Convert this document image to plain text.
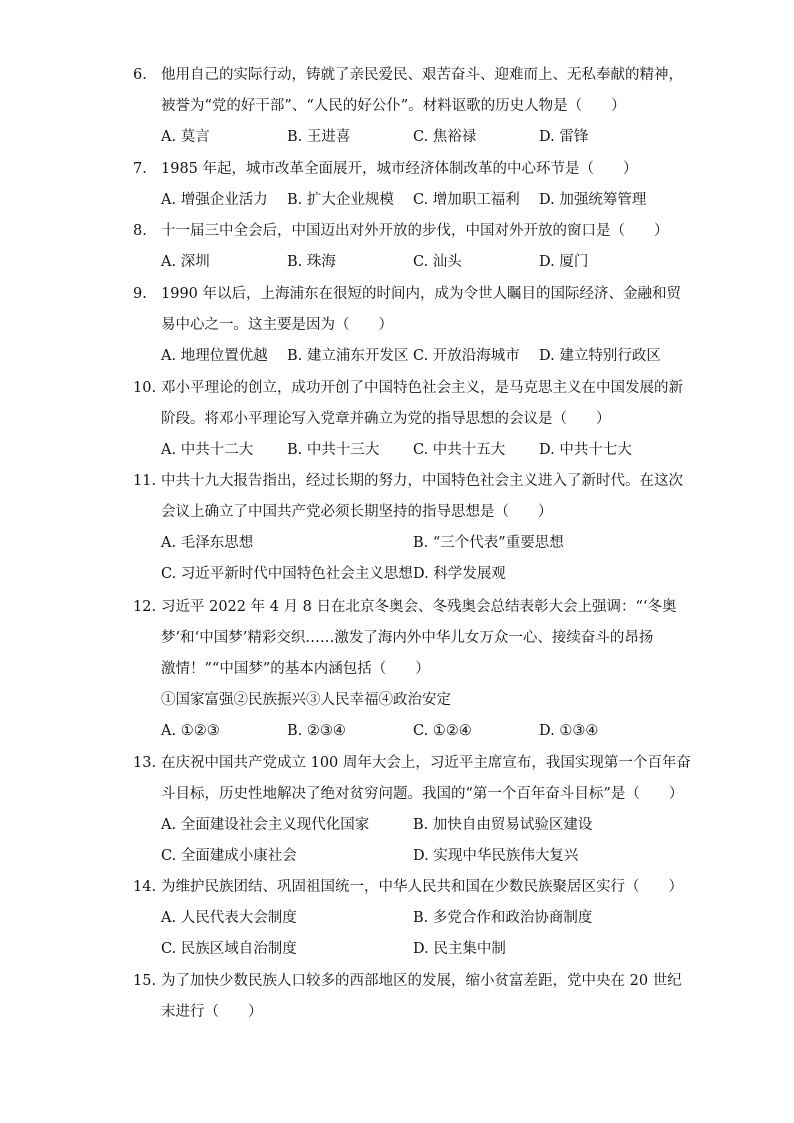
6. 他用自己的实际行动，铸就了亲民爱民、艰苦奋斗、迎难而上、无私奉献的精神，
被誉为“党的好干部”、“人民的好公仆”。材料讴歌的历史人物是（　　）
A. 莫言	B. 王进喜	C. 焦裕禄	D. 雷锋
7. 1985 年起，城市改革全面展开，城市经济体制改革的中心环节是（　　）
A. 增强企业活力	B. 扩大企业规模	C. 增加职工福利	D. 加强统筹管理
8. 十一届三中全会后，中国迈出对外开放的步伐，中国对外开放的窗口是（　　）
A. 深圳	B. 珠海	C. 汕头	D. 厦门
9. 1990 年以后，上海浦东在很短的时间内，成为令世人瞩目的国际经济、金融和贸
易中心之一。这主要是因为（　　）
A. 地理位置优越	B. 建立浦东开发区 C. 开放沿海城市	D. 建立特别行政区
10. 邓小平理论的创立，成功开创了中国特色社会主义，是马克思主义在中国发展的新
阶段。将邓小平理论写入党章并确立为党的指导思想的会议是（　　）
A. 中共十二大	B. 中共十三大	C. 中共十五大	D. 中共十七大
11. 中共十九大报告指出，经过长期的努力，中国特色社会主义进入了新时代。在这次
会议上确立了中国共产党必须长期坚持的指导思想是（　　）
A. 毛泽东思想	B. “三个代表”重要思想
C. 习近平新时代中国特色社会主义思想 D. 科学发展观
12. 习近平 2022 年 4 月 8 日在北京冬奥会、冬残奥会总结表彰大会上强调：“‘冬奥
梦’和‘中国梦’精彩交织……激发了海内外中华儿女万众一心、接续奋斗的昂扬
激情！”“中国梦”的基本内涵包括（　　）
①国家富强②民族振兴③人民幸福④政治安定
A. ①②③	B. ②③④	C. ①②④	D. ①③④
13. 在庆祝中国共产党成立 100 周年大会上，习近平主席宣布，我国实现第一个百年奋
斗目标，历史性地解决了绝对贫穷问题。我国的“第一个百年奋斗目标”是（　　）
A. 全面建设社会主义现代化国家	B. 加快自由贸易试验区建设
C. 全面建成小康社会	D. 实现中华民族伟大复兴
14. 为维护民族团结、巩固祖国统一，中华人民共和国在少数民族聚居区实行（　　）
A. 人民代表大会制度	B. 多党合作和政治协商制度
C. 民族区域自治制度	D. 民主集中制
15. 为了加快少数民族人口较多的西部地区的发展，缩小贫富差距，党中央在 20 世纪
末进行（　　）
